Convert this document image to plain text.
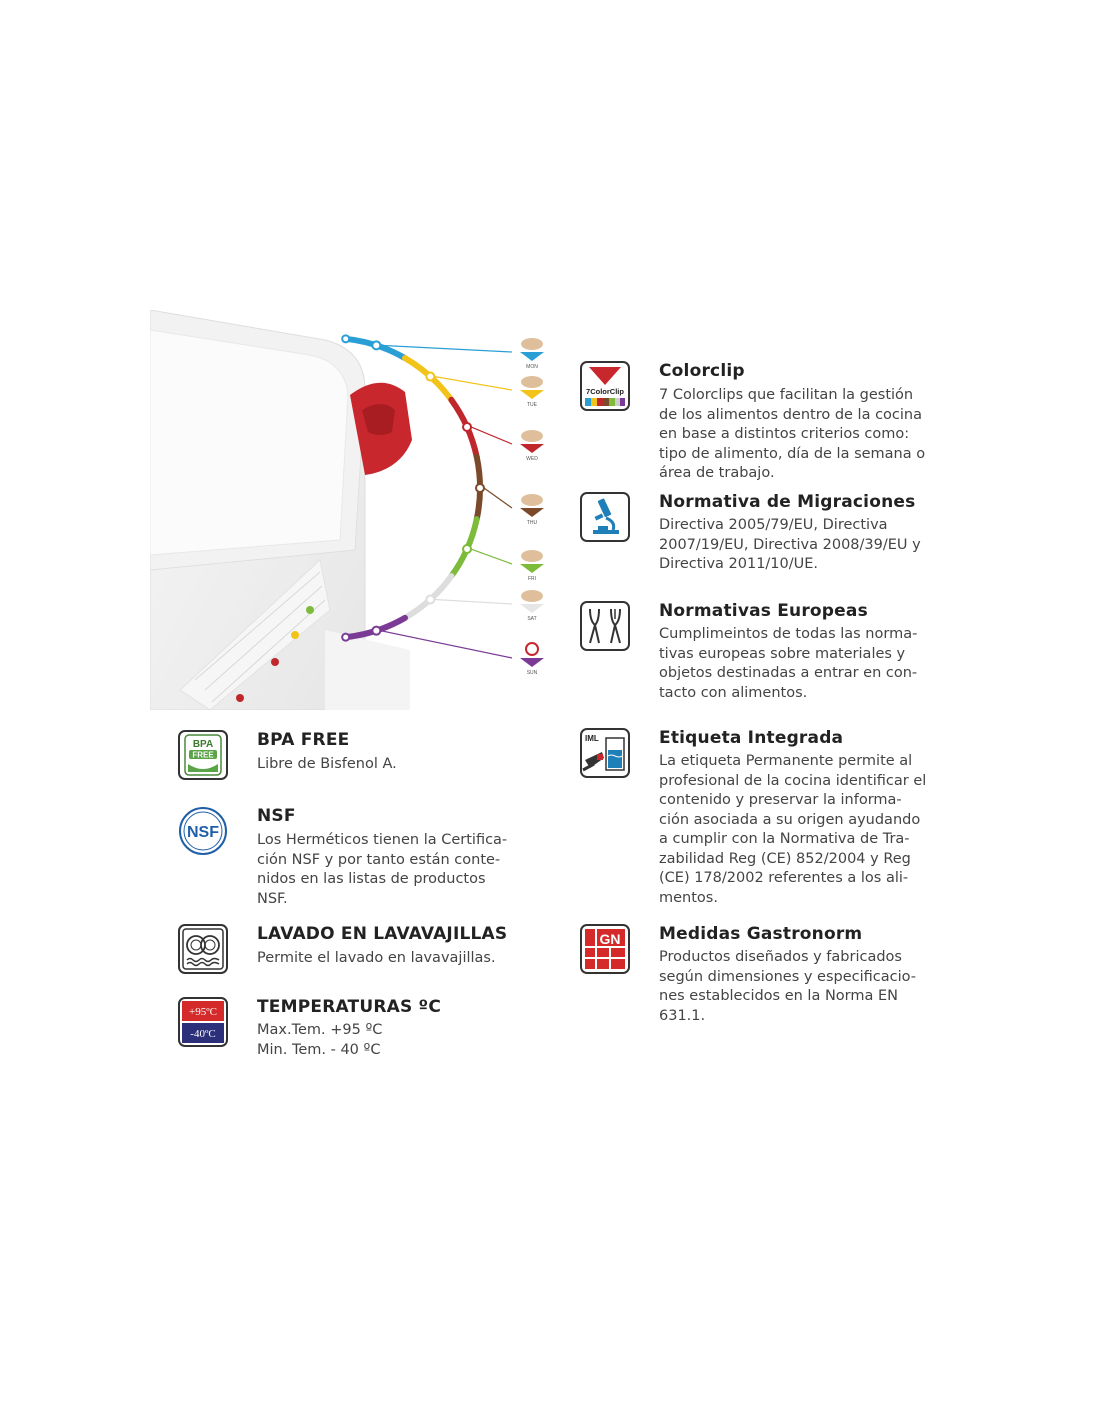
MON
TUE
WED
THU
FRI
SAT
SUN
BPA
FREE
BPA FREE
Libre de Bisfenol A.
NSF
NSF
Los Herméticos tienen la Certifica-
ción NSF y por tanto están conte-
nidos en las listas de productos
NSF.
LAVADO EN LAVAVAJILLAS
Permite el lavado en lavavajillas.
+95ºC
-40ºC
TEMPERATURAS ºC
Max.Tem. +95 ºC
Min. Tem. - 40 ºC
7ColorClip
Colorclip
7 Colorclips que facilitan la gestión
de los alimentos dentro de la cocina
en base a distintos criterios como:
tipo de alimento, día de la semana o
área de trabajo.
Normativa de Migraciones
Directiva 2005/79/EU, Directiva
2007/19/EU, Directiva 2008/39/EU y
Directiva 2011/10/UE.
Normativas Europeas
Cumplimeintos de todas las norma-
tivas europeas sobre materiales y
objetos destinadas a entrar en con-
tacto con alimentos.
IML	Etiqueta Integrada
La etiqueta Permanente permite al
profesional de la cocina identificar el
contenido y preservar la informa-
ción asociada a su origen ayudando
a cumplir con la Normativa de Tra-
zabilidad Reg (CE) 852/2004 y Reg
(CE) 178/2002 referentes a los ali-
mentos.
GN Medidas Gastronorm
Productos diseñados y fabricados
según dimensiones y especificacio-
nes establecidos en la Norma EN
631.1.
